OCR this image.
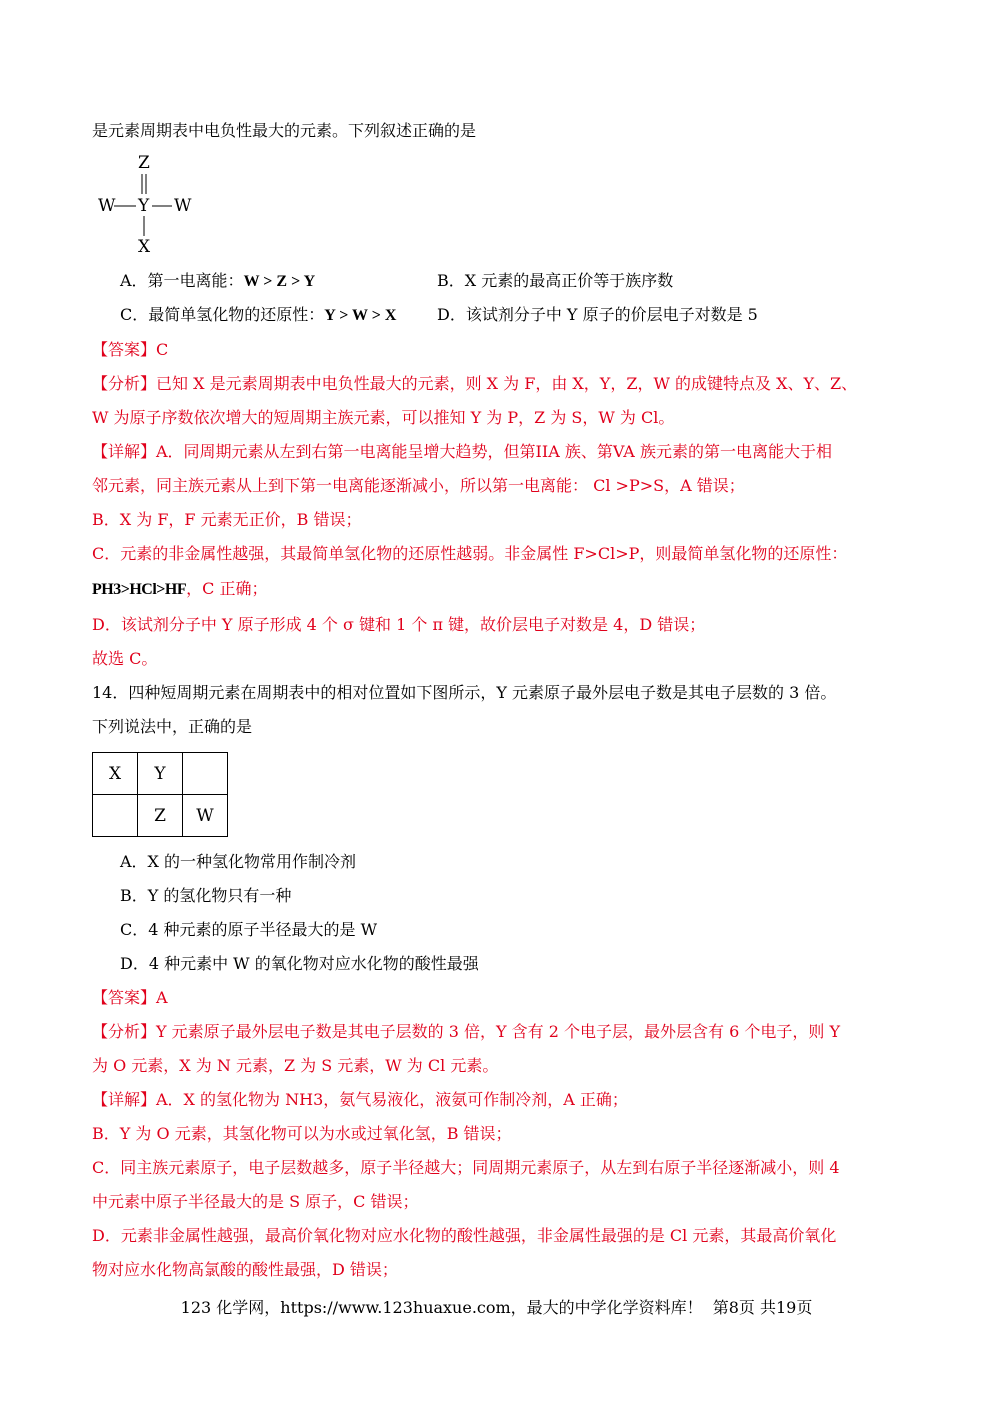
是元素周期表中电负性最大的元素。下列叙述正确的是
Z
W Y W
X
A．第一电离能：W > Z > Y	B．X 元素的最高正价等于族序数
C．最简单氢化物的还原性：Y > W > X	D．该试剂分子中 Y 原子的价层电子对数是 5
【答案】C
【分析】已知 X 是元素周期表中电负性最大的元素，则 X 为 F，由 X，Y，Z，W 的成键特点及 X、Y、Z、
W 为原子序数依次增大的短周期主族元素，可以推知 Y 为 P，Z 为 S，W 为 Cl。
【详解】A．同周期元素从左到右第一电离能呈增大趋势，但第IIA 族、第VA 族元素的第一电离能大于相
邻元素，同主族元素从上到下第一电离能逐渐减小，所以第一电离能： Cl >P>S，A 错误；
B．X 为 F，F 元素无正价，B 错误；
C．元素的非金属性越强，其最简单氢化物的还原性越弱。非金属性 F>Cl>P，则最简单氢化物的还原性：
PH3>HCl>HF，C 正确；
D．该试剂分子中 Y 原子形成 4 个 σ 键和 1 个 π 键，故价层电子对数是 4，D 错误；
故选 C。
14．四种短周期元素在周期表中的相对位置如下图所示，Y 元素原子最外层电子数是其电子层数的 3 倍。
下列说法中，正确的是
X	Y	
	Z	W
A．X 的一种氢化物常用作制冷剂
B．Y 的氢化物只有一种
C．4 种元素的原子半径最大的是 W
D．4 种元素中 W 的氧化物对应水化物的酸性最强
【答案】A
【分析】Y 元素原子最外层电子数是其电子层数的 3 倍，Y 含有 2 个电子层，最外层含有 6 个电子，则 Y
为 O 元素，X 为 N 元素，Z 为 S 元素，W 为 Cl 元素。
【详解】A．X 的氢化物为 NH3，氨气易液化，液氨可作制冷剂，A 正确；
B．Y 为 O 元素，其氢化物可以为水或过氧化氢，B 错误；
C．同主族元素原子，电子层数越多，原子半径越大；同周期元素原子，从左到右原子半径逐渐减小，则 4
中元素中原子半径最大的是 S 原子，C 错误；
D．元素非金属性越强，最高价氧化物对应水化物的酸性越强，非金属性最强的是 Cl 元素，其最高价氧化
物对应水化物高氯酸的酸性最强，D 错误；
123 化学网，https://www.123huaxue.com，最大的中学化学资料库！ 第8页 共19页
